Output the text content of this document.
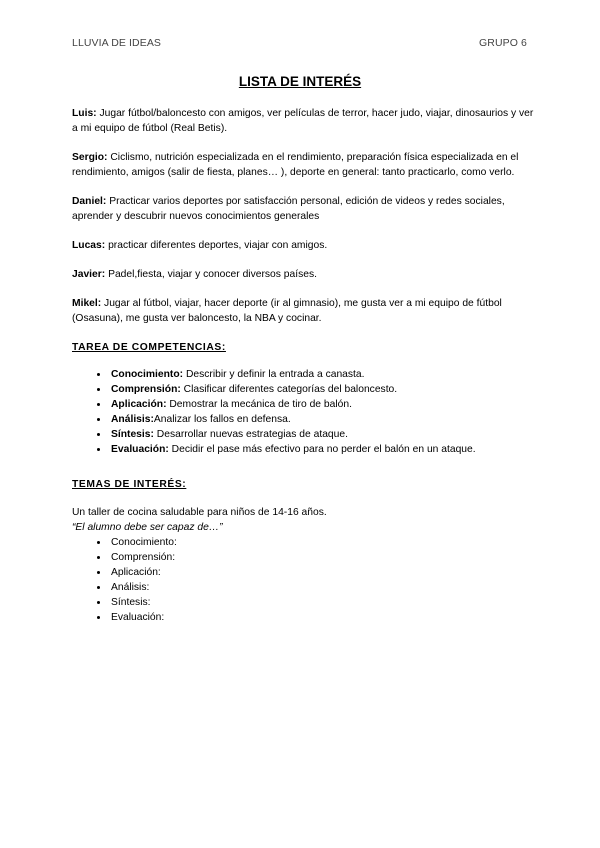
LLUVIA DE IDEAS	GRUPO 6
LISTA DE INTERÉS

Luis: Jugar fútbol/baloncesto con amigos, ver películas de terror, hacer judo, viajar, dinosaurios y ver a mi equipo de fútbol (Real Betis).

Sergio: Ciclismo, nutrición especializada en el rendimiento, preparación física especializada en el rendimiento, amigos (salir de fiesta, planes… ), deporte en general: tanto practicarlo, como verlo.

Daniel: Practicar varios deportes por satisfacción personal, edición de videos y redes sociales, aprender y descubrir nuevos conocimientos generales

Lucas: practicar diferentes deportes, viajar con amigos.

Javier: Padel,fiesta, viajar y conocer diversos países.

Mikel: Jugar al fútbol, viajar, hacer deporte (ir al gimnasio), me gusta ver a mi equipo de fútbol (Osasuna), me gusta ver baloncesto, la NBA y cocinar.

TAREA DE COMPETENCIAS:
• Conocimiento: Describir y definir la entrada a canasta.
• Comprensión: Clasificar diferentes categorías del baloncesto.
• Aplicación: Demostrar la mecánica de tiro de balón.
• Análisis:Analizar los fallos en defensa.
• Síntesis: Desarrollar nuevas estrategias de ataque.
• Evaluación: Decidir el pase más efectivo para no perder el balón en un ataque.
TEMAS DE INTERÉS:
Un taller de cocina saludable para niños de 14-16 años.
“El alumno debe ser capaz de…”
• Conocimiento:
• Comprensión:
• Aplicación:
• Análisis:
• Síntesis:
• Evaluación:
